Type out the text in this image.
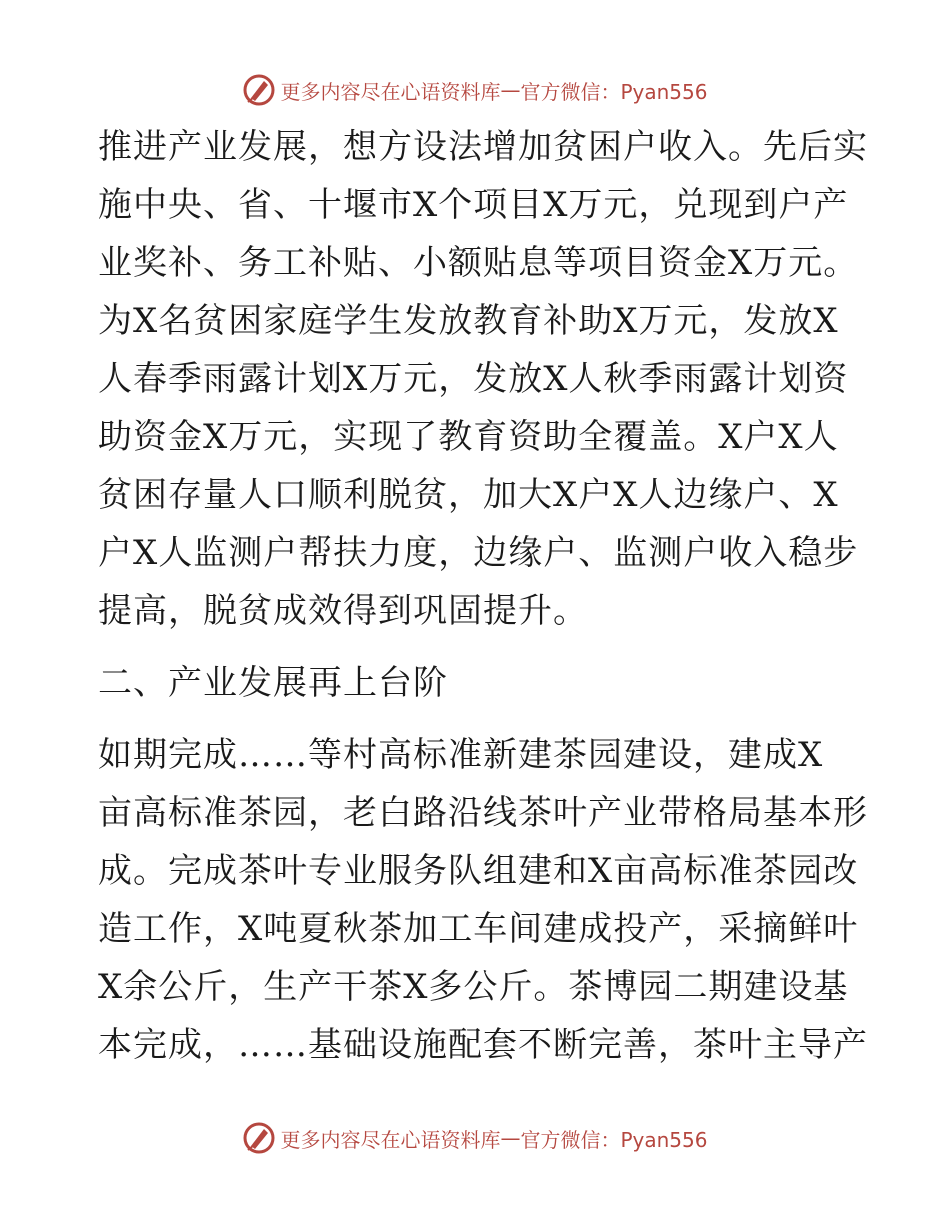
更多内容尽在心语资料库 — 官方微信：Pyan556
推进产业发展，想方设法增加贫困户收入。先后实
施中央、省、十堰市X个项目X万元，兑现到户产
业奖补、务工补贴、小额贴息等项目资金X万元。
为X名贫困家庭学生发放教育补助X万元，发放X
人春季雨露计划X万元，发放X人秋季雨露计划资
助资金X万元，实现了教育资助全覆盖。X户X人
贫困存量人口顺利脱贫，加大X户X人边缘户、X
户X人监测户帮扶力度，边缘户、监测户收入稳步
提高，脱贫成效得到巩固提升。
二、产业发展再上台阶
如期完成……等村高标准新建茶园建设，建成X
亩高标准茶园，老白路沿线茶叶产业带格局基本形
成。完成茶叶专业服务队组建和X亩高标准茶园改
造工作，X吨夏秋茶加工车间建成投产，采摘鲜叶
X余公斤，生产干茶X多公斤。茶博园二期建设基
本完成，……基础设施配套不断完善，茶叶主导产
更多内容尽在心语资料库 — 官方微信：Pyan556
